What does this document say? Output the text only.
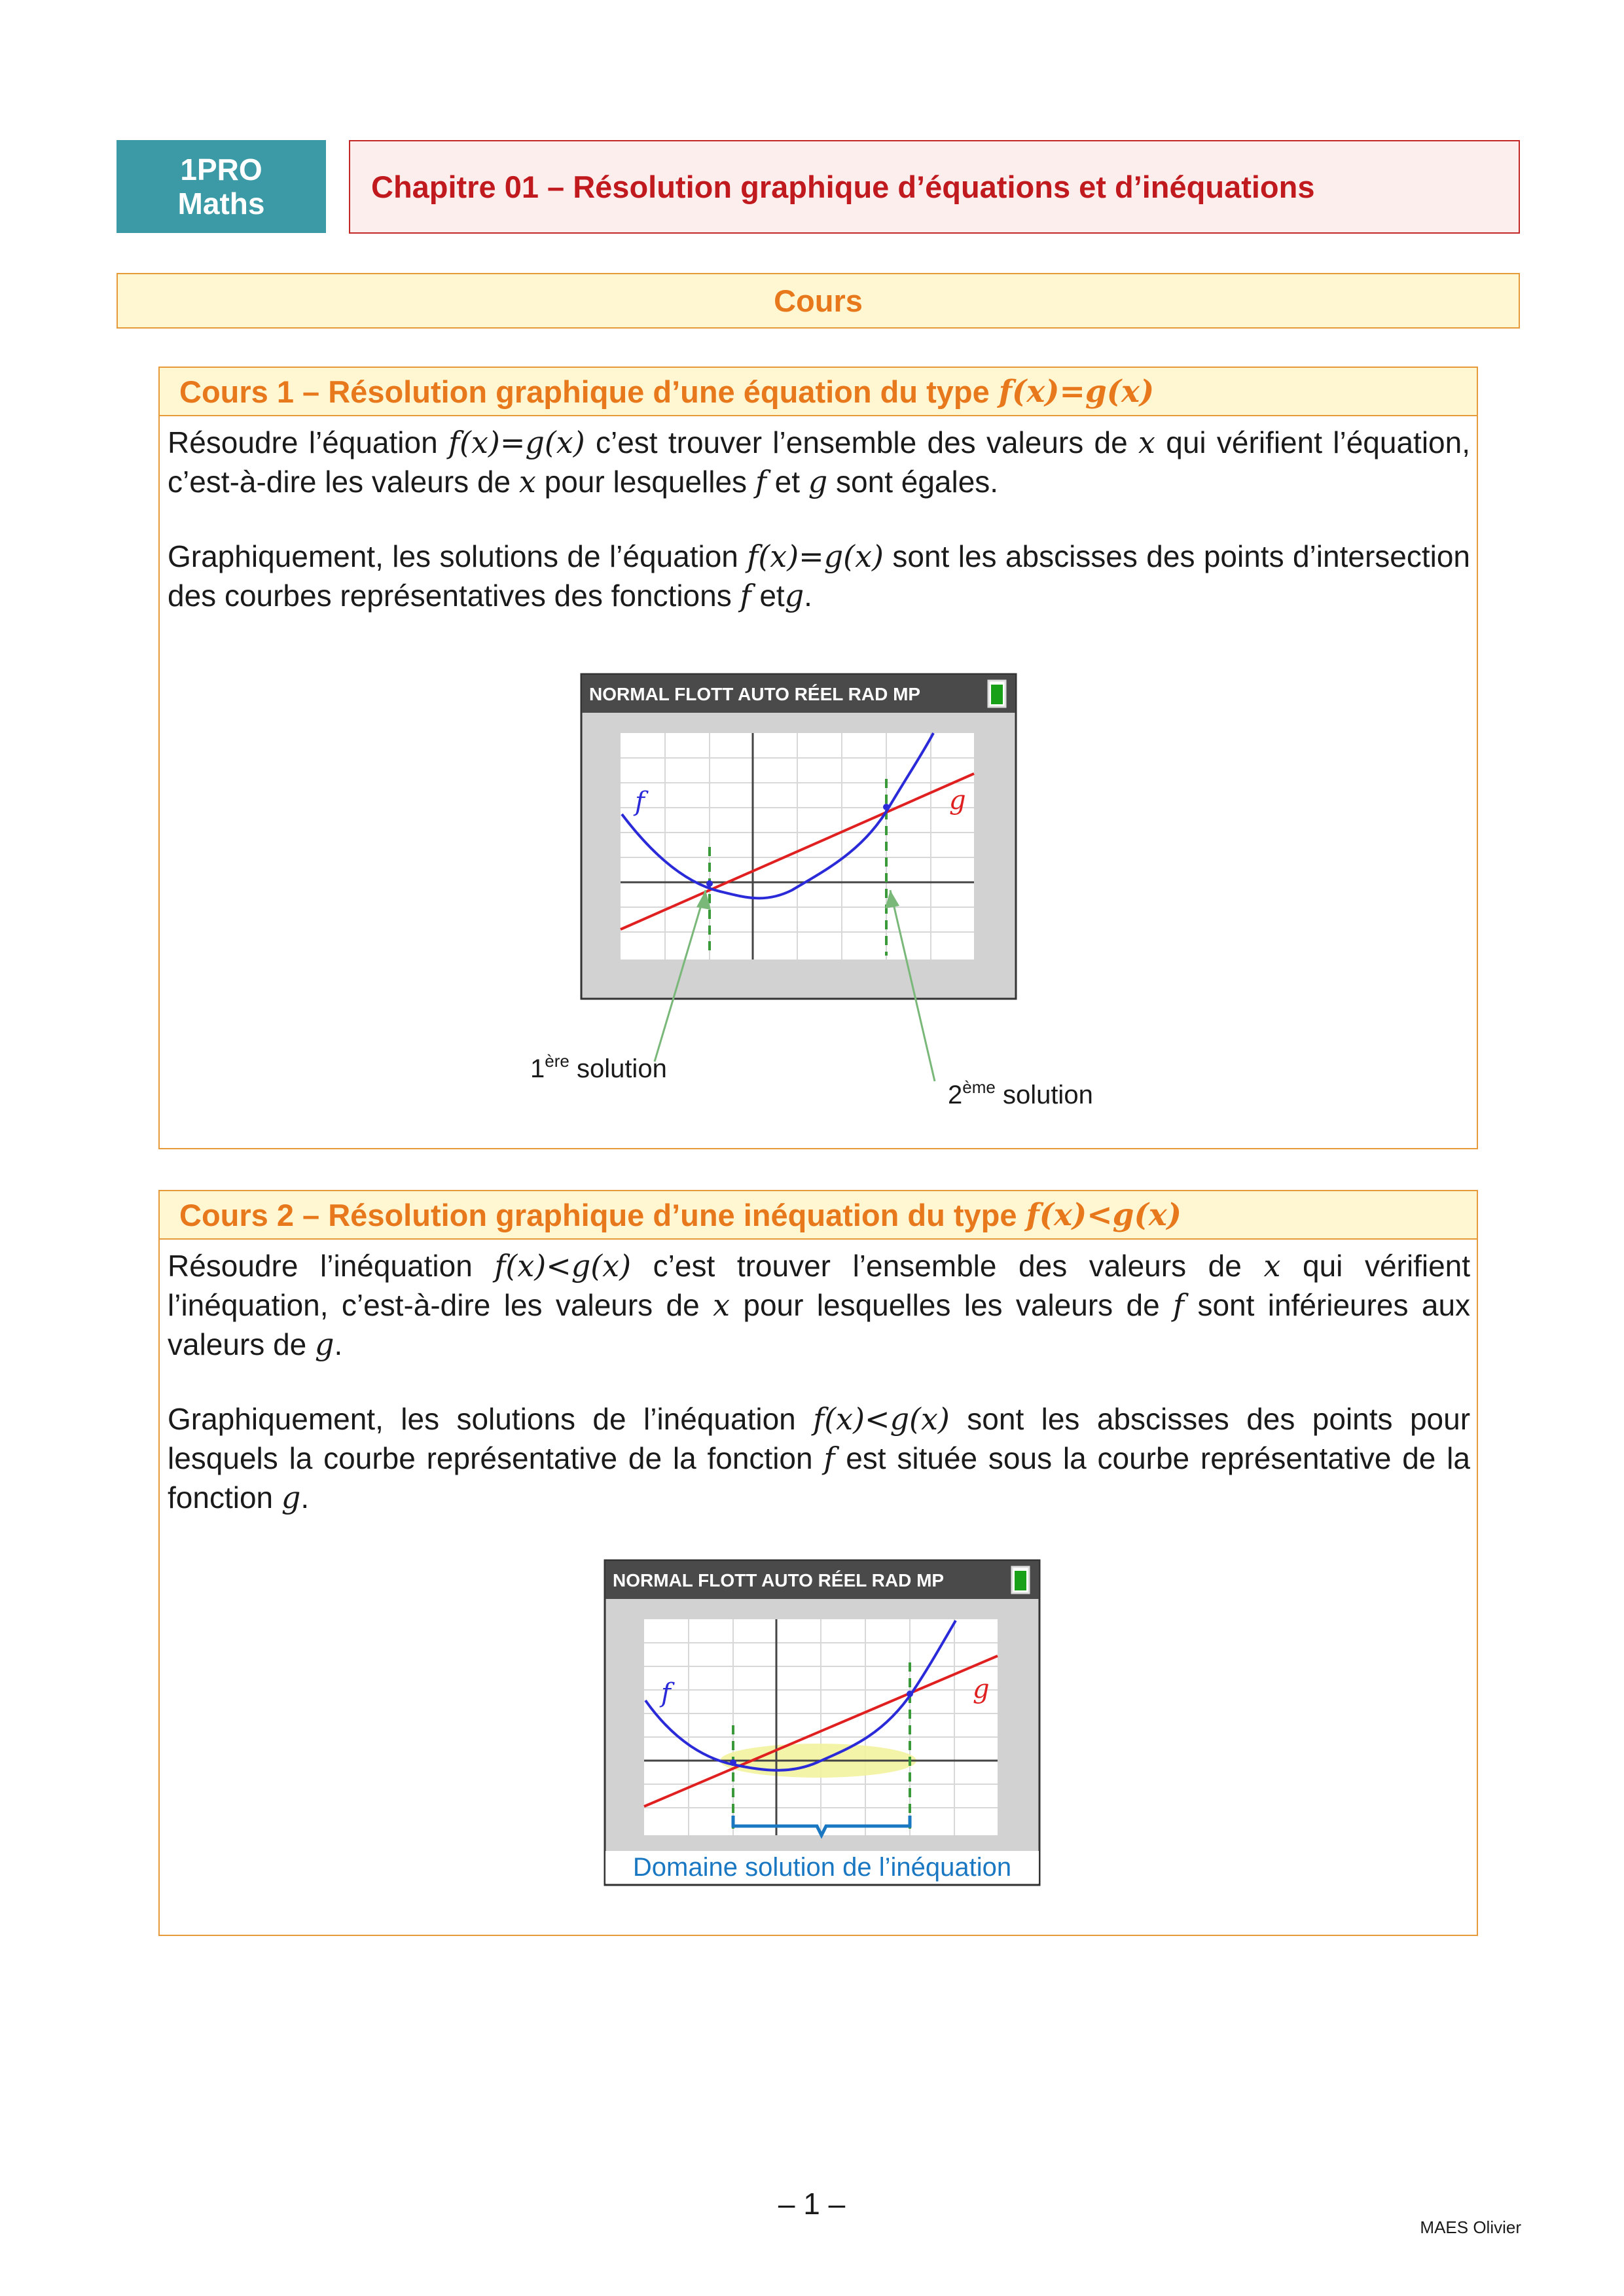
1PRO
Maths	Chapitre 01 – Résolution graphique d’équations et d’inéquations
Cours
Cours 1 – Résolution graphique d’une équation du type f(x)=g(x)
Résoudre l’équation f(x)=g(x) c’est trouver l’ensemble des valeurs de x qui vérifient l’équation, c’est-à-dire les valeurs de x pour lesquelles f et g sont égales.
Graphiquement, les solutions de l’équation f(x)=g(x) sont les abscisses des points d’intersection des courbes représentatives des fonctions f etg.
NORMAL FLOTT AUTO RÉEL RAD MP
f	g
1ère solution
2ème solution
Cours 2 – Résolution graphique d’une inéquation du type f(x)<g(x)
Résoudre l’inéquation f(x)<g(x) c’est trouver l’ensemble des valeurs de x qui vérifient l’inéquation, c’est-à-dire les valeurs de x pour lesquelles les valeurs de f sont inférieures aux valeurs de g.
Graphiquement, les solutions de l’inéquation f(x)<g(x) sont les abscisses des points pour lesquels la courbe représentative de la fonction f est située sous la courbe représentative de la fonction g.
NORMAL FLOTT AUTO RÉEL RAD MP
f	g
Domaine solution de l’inéquation
– 1 –
MAES Olivier
